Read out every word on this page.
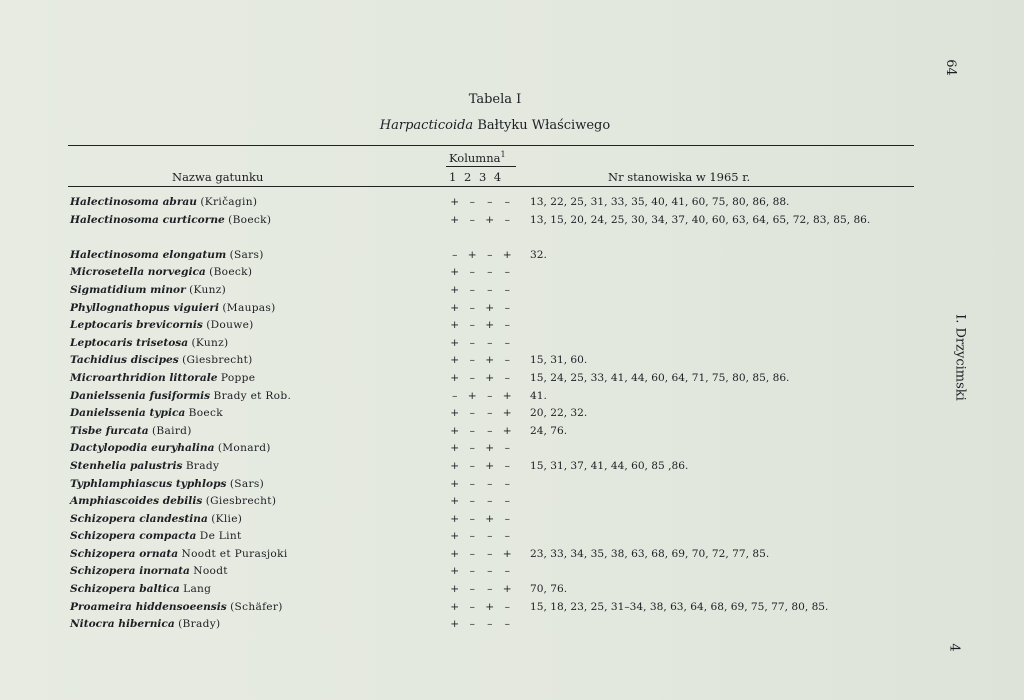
Tabela I
Harpacticoida Bałtyku Właściwego
Nazwa gatunku
Kolumna$^1$
1 2 3 4	Nr stanowiska w 1965 r.
Halectinosoma abrau (Kričagin)	+ – – –	13, 22, 25, 31, 33, 35, 40, 41, 60, 75, 80, 86, 88.
Halectinosoma curticorne (Boeck)	+ – + –	13, 15, 20, 24, 25, 30, 34, 37, 40, 60, 63, 64, 65, 72, 83, 85, 86.
Halectinosoma elongatum (Sars)	– + – +	32.
Microsetella norvegica (Boeck)	+ – – –
Sigmatidium minor (Kunz)	+ – – –
Phyllognathopus viguieri (Maupas)	+ – + –
Leptocaris brevicornis (Douwe)	+ – + –
Leptocaris trisetosa (Kunz)	+ – – –
Tachidius discipes (Giesbrecht)	+ – + –	15, 31, 60.
Microarthridion littorale Poppe	+ – + –	15, 24, 25, 33, 41, 44, 60, 64, 71, 75, 80, 85, 86.
Danielssenia fusiformis Brady et Rob.	– + – +	41.
Danielssenia typica Boeck	+ – – +	20, 22, 32.
Tisbe furcata (Baird)	+ – – +	24, 76.
Dactylopodia euryhalina (Monard)	+ – + –
Stenhelia palustris Brady	+ – + –	15, 31, 37, 41, 44, 60, 85 ,86.
Typhlamphiascus typhlops (Sars)	+ – – –
Amphiascoides debilis (Giesbrecht)	+ – – –
Schizopera clandestina (Klie)	+ – + –
Schizopera compacta De Lint	+ – – –
Schizopera ornata Noodt et Purasjoki	+ – – +	23, 33, 34, 35, 38, 63, 68, 69, 70, 72, 77, 85.
Schizopera inornata Noodt	+ – – –
Schizopera baltica Lang	+ – – +	70, 76.
Proameira hiddensoeensis (Schäfer)	+ – + –	15, 18, 23, 25, 31–34, 38, 63, 64, 68, 69, 75, 77, 80, 85.
Nitocra hibernica (Brady)	+ – – –
64
I. Drzycimski
4
